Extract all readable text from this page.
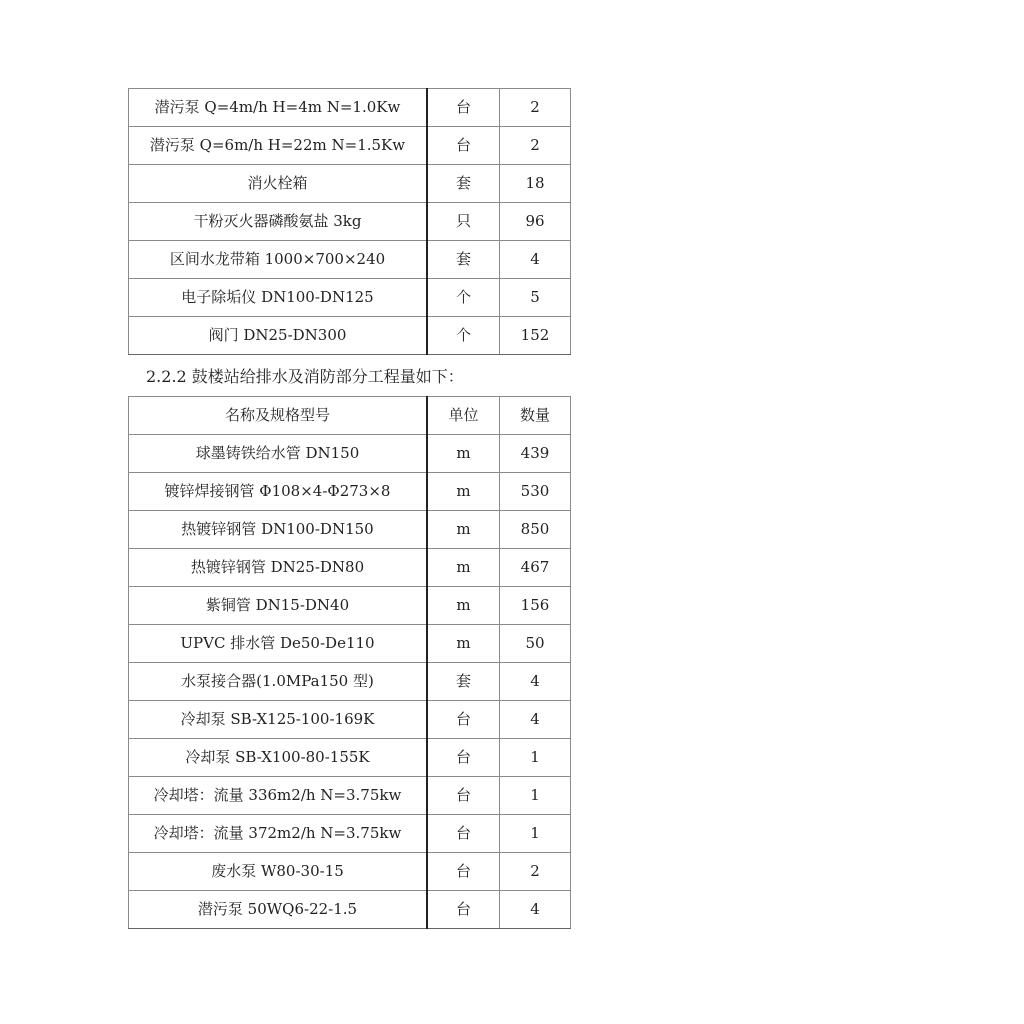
潜污泵 Q=4m/h H=4m N=1.0Kw	台	2
潜污泵 Q=6m/h H=22m N=1.5Kw	台	2
消火栓箱	套	18
干粉灭火器磷酸氨盐 3kg	只	96
区间水龙带箱 1000×700×240	套	4
电子除垢仪 DN100-DN125	个	5
阀门 DN25-DN300	个	152
2.2.2 鼓楼站给排水及消防部分工程量如下：
名称及规格型号	单位	数量
球墨铸铁给水管 DN150	m	439
镀锌焊接钢管 Φ108×4-Φ273×8	m	530
热镀锌钢管 DN100-DN150	m	850
热镀锌钢管 DN25-DN80	m	467
紫铜管 DN15-DN40	m	156
UPVC 排水管 De50-De110	m	50
水泵接合器(1.0MPa150 型)	套	4
冷却泵 SB-X125-100-169K	台	4
冷却泵 SB-X100-80-155K	台	1
冷却塔：流量 336m2/h N=3.75kw	台	1
冷却塔：流量 372m2/h N=3.75kw	台	1
废水泵 W80-30-15	台	2
潜污泵 50WQ6-22-1.5	台	4
